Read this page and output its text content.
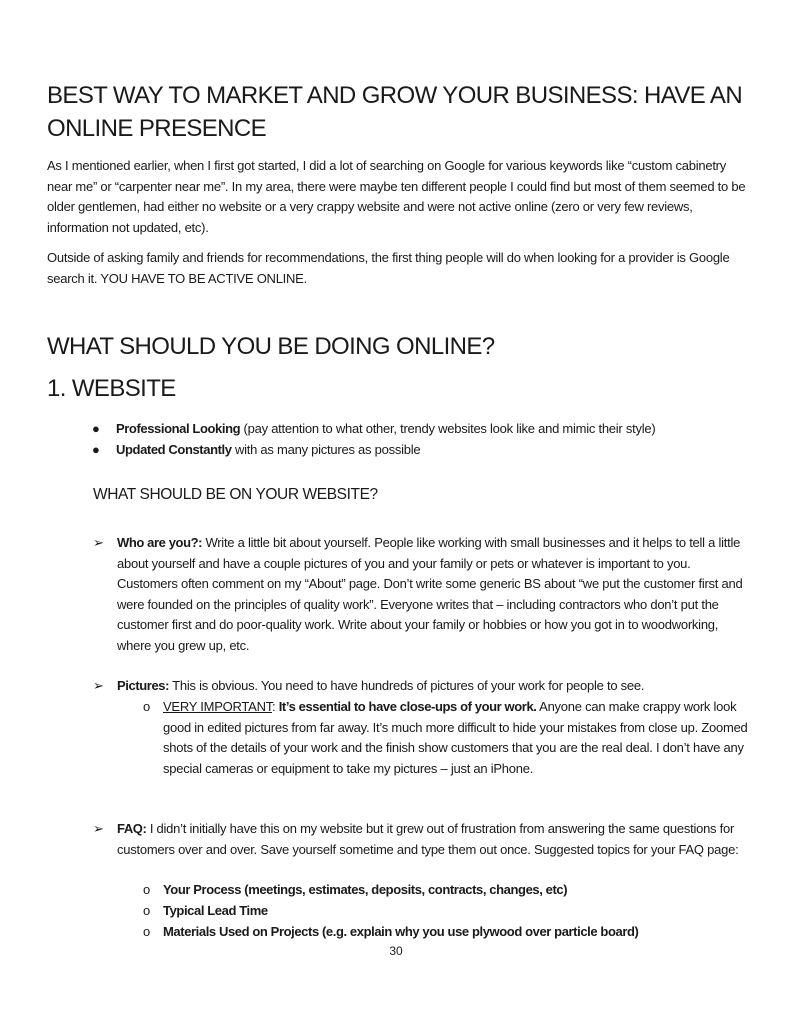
BEST WAY TO MARKET AND GROW YOUR BUSINESS: HAVE AN ONLINE PRESENCE

As I mentioned earlier, when I first got started, I did a lot of searching on Google for various keywords like “custom cabinetry near me” or “carpenter near me”. In my area, there were maybe ten different people I could find but most of them seemed to be older gentlemen, had either no website or a very crappy website and were not active online (zero or very few reviews, information not updated, etc).

Outside of asking family and friends for recommendations, the first thing people will do when looking for a provider is Google search it. YOU HAVE TO BE ACTIVE ONLINE.

WHAT SHOULD YOU BE DOING ONLINE?
1. WEBSITE
● Professional Looking (pay attention to what other, trendy websites look like and mimic their style)
● Updated Constantly with as many pictures as possible
WHAT SHOULD BE ON YOUR WEBSITE?
➢ Who are you?: Write a little bit about yourself. People like working with small businesses and it helps to tell a little about yourself and have a couple pictures of you and your family or pets or whatever is important to you. Customers often comment on my “About” page. Don’t write some generic BS about “we put the customer first and were founded on the principles of quality work”. Everyone writes that – including contractors who don’t put the customer first and do poor-quality work. Write about your family or hobbies or how you got in to woodworking, where you grew up, etc.
➢ Pictures: This is obvious. You need to have hundreds of pictures of your work for people to see.
o VERY IMPORTANT: It’s essential to have close-ups of your work. Anyone can make crappy work look good in edited pictures from far away. It’s much more difficult to hide your mistakes from close up. Zoomed shots of the details of your work and the finish show customers that you are the real deal. I don’t have any special cameras or equipment to take my pictures – just an iPhone.
➢ FAQ: I didn’t initially have this on my website but it grew out of frustration from answering the same questions for customers over and over. Save yourself sometime and type them out once. Suggested topics for your FAQ page:
o Your Process (meetings, estimates, deposits, contracts, changes, etc)
o Typical Lead Time
o Materials Used on Projects (e.g. explain why you use plywood over particle board)
30
